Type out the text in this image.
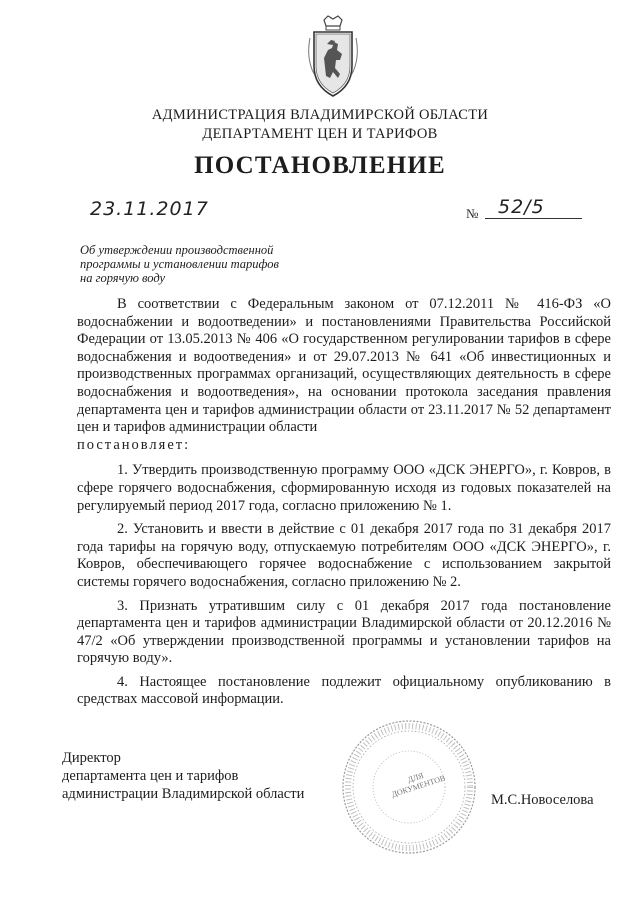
АДМИНИСТРАЦИЯ ВЛАДИМИРСКОЙ ОБЛАСТИ
ДЕПАРТАМЕНТ ЦЕН И ТАРИФОВ
ПОСТАНОВЛЕНИЕ
23.11.2017	№ 52/5
Об утверждении производственной
программы и установлении тарифов
на горячую воду

В соответствии с Федеральным законом от 07.12.2011 № 416-ФЗ «О водоснабжении и водоотведении» и постановлениями Правительства Российской Федерации от 13.05.2013 № 406 «О государственном регулировании тарифов в сфере водоснабжения и водоотведения» и от 29.07.2013 № 641 «Об инвестиционных и производственных программах организаций, осуществляющих деятельность в сфере водоснабжения и водоотведения», на основании протокола заседания правления департамента цен и тарифов администрации области от 23.11.2017 № 52 департамент цен и тарифов администрации области

постановляет:

1. Утвердить производственную программу ООО «ДСК ЭНЕРГО», г. Ковров, в сфере горячего водоснабжения, сформированную исходя из годовых показателей на регулируемый период 2017 года, согласно приложению № 1.

2. Установить и ввести в действие с 01 декабря 2017 года по 31 декабря 2017 года тарифы на горячую воду, отпускаемую потребителям ООО «ДСК ЭНЕРГО», г. Ковров, обеспечивающего горячее водоснабжение с использованием закрытой системы горячего водоснабжения, согласно приложению № 2.

3. Признать утратившим силу с 01 декабря 2017 года постановление департамента цен и тарифов администрации Владимирской области от 20.12.2016 № 47/2 «Об утверждении производственной программы и установлении тарифов на горячую воду».

4. Настоящее постановление подлежит официальному опубликованию в средствах массовой информации.

ДЛЯ ДОКУМЕНТОВ
Директор
департамента цен и тарифов
администрации Владимирской области	М.С.Новоселова
